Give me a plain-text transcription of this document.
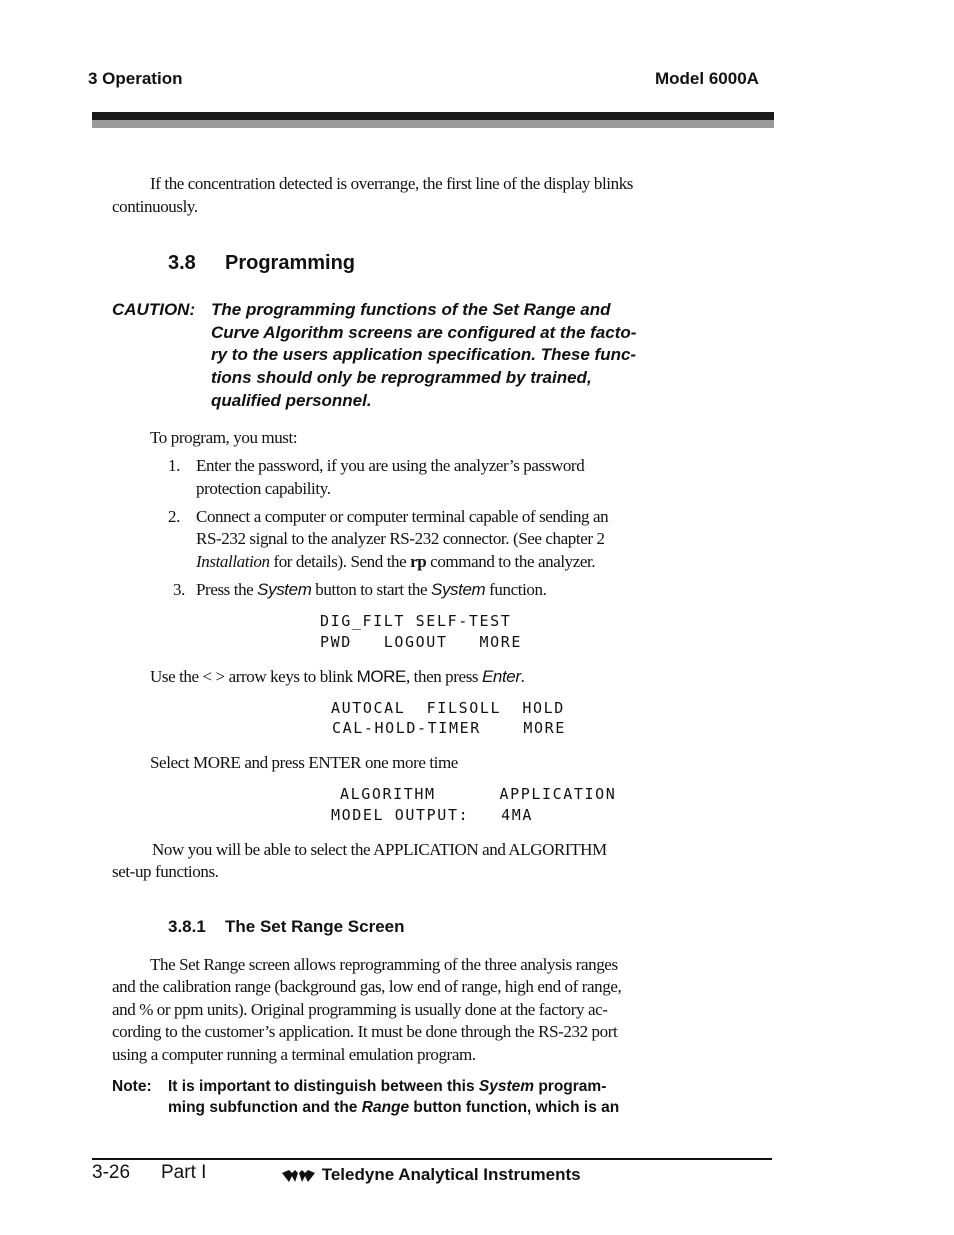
3 Operation	Model 6000A
If the concentration detected is overrange, the first line of the display blinks
continuously.
3.8 Programming
CAUTION: The programming functions of the Set Range and
Curve Algorithm screens are configured at the facto-
ry to the users application specification. These func-
tions should only be reprogrammed by trained,
qualified personnel.
To program, you must:
1. Enter the password, if you are using the analyzer’s password
protection capability.
2. Connect a computer or computer terminal capable of sending an
RS-232 signal to the analyzer RS-232 connector. (See chapter 2
Installation for details). Send the rp command to the analyzer.
3. Press the System button to start the System function.
DIG_FILT SELF-TEST
PWD   LOGOUT   MORE
Use the < > arrow keys to blink MORE, then press Enter.
AUTOCAL  FILSOLL  HOLD
CAL-HOLD-TIMER    MORE
Select MORE and press ENTER one more time
ALGORITHM      APPLICATION
MODEL OUTPUT:   4MA
Now you will be able to select the APPLICATION and ALGORITHM
set-up functions.
3.8.1 The Set Range Screen
The Set Range screen allows reprogramming of the three analysis ranges
and the calibration range (background gas, low end of range, high end of range,
and % or ppm units). Original programming is usually done at the factory ac-
cording to the customer’s application. It must be done through the RS-232 port
using a computer running a terminal emulation program.
Note: It is important to distinguish between this System program-
ming subfunction and the Range button function, which is an
3-26 Part I	Teledyne Analytical Instruments
